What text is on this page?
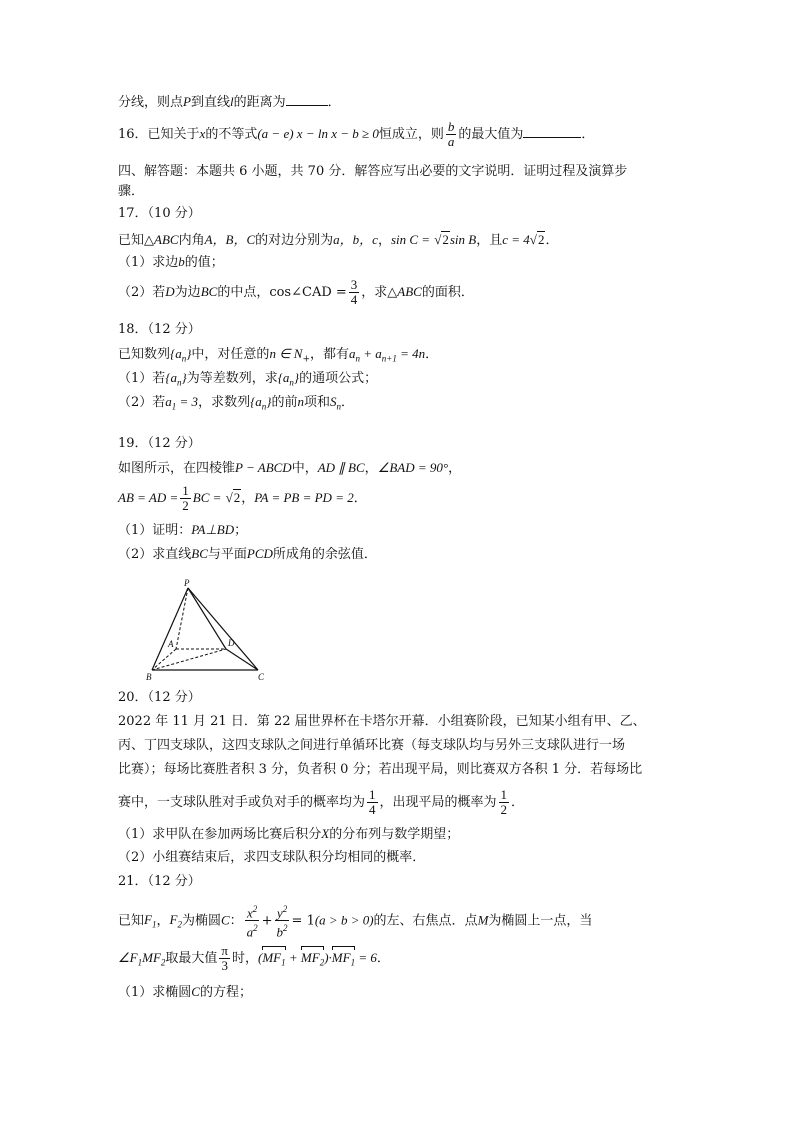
分线，则点P到直线l的距离为	．
16．已知关于x的不等式(a − e) x − ln x − b ≥ 0恒成立，则 $\frac{b}{a}$ 的最大值为	．
四、解答题：本题共 6 小题，共 70 分．解答应写出必要的文字说明．证明过程及演算步
骤．
17．（10 分）
已知△ABC内角A，B，C的对边分别为a，b，c，sin C = √2sin B，且c = 4√2．
（1）求边b的值；
（2）若D为边BC的中点，cos∠CAD = $\frac{3}{4}$ ，求△ABC的面积．
18．（12 分）
已知数列$\{a_n\}$中，对任意的n ∈ $N_+$，都有$a_n + a_{n+1} = 4n$．
（1）若$\{a_n\}$为等差数列，求$\{a_n\}$的通项公式；
（2）若$a_1 = 3$，求数列$\{a_n\}$的前n项和$S_n$．
19．（12 分）
如图所示，在四棱锥P − ABCD中，AD ∥ BC，∠BAD = 90°，
AB = AD = $\frac{1}{2}$ BC = √2，PA = PB = PD = 2．
（1）证明：PA⊥BD；
（2）求直线BC与平面PCD所成角的余弦值．
P
A	D
B	C
20．（12 分）
2022 年 11 月 21 日．第 22 届世界杯在卡塔尔开幕．小组赛阶段，已知某小组有甲、乙、
丙、丁四支球队，这四支球队之间进行单循环比赛（每支球队均与另外三支球队进行一场
比赛）；每场比赛胜者积 3 分，负者积 0 分；若出现平局，则比赛双方各积 1 分．若每场比
赛中，一支球队胜对手或负对手的概率均为 $\frac{1}{4}$ ，出现平局的概率为 $\frac{1}{2}$ ．
（1）求甲队在参加两场比赛后积分X的分布列与数学期望；
（2）小组赛结束后，求四支球队积分均相同的概率．
21．（12 分）
已知$F_1$，$F_2$为椭圆C： $\frac{x^2}{a^2} + \frac{y^2}{b^2} = 1(a > b > 0)$的左、右焦点．点M为椭圆上一点，当
$\angle F_1MF_2$取最大值 $\frac{\pi}{3}$ 时，$(MF_1 + MF_2)\cdot MF_1 = 6$．
（1）求椭圆C的方程；
